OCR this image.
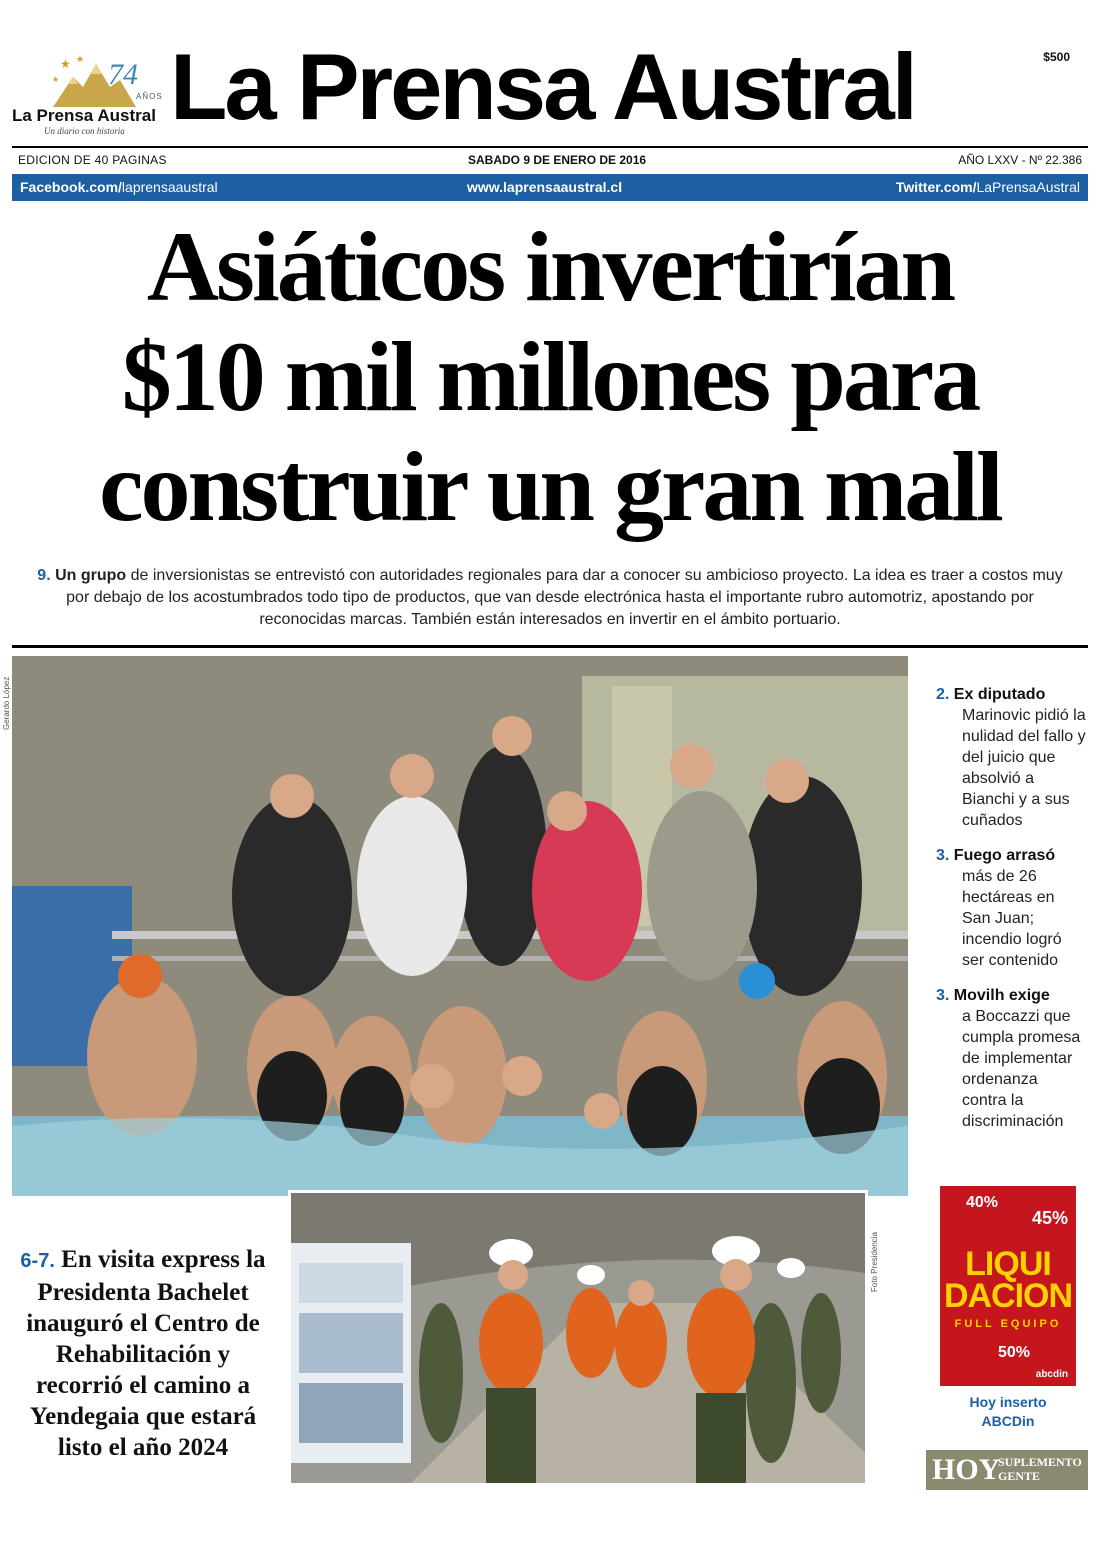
★ ★
★ 74
AÑOS
La Prensa Austral
Un diario con historia La Prensa Austral	$500
EDICION DE 40 PAGINAS	SABADO 9 DE ENERO DE 2016	AÑO LXXV - Nº 22.386
Facebook.com/laprensaaustral	www.laprensaaustral.cl	Twitter.com/LaPrensaAustral
Asiáticos invertirían
$10 mil millones para
construir un gran mall
9. Un grupo de inversionistas se entrevistó con autoridades regionales para dar a conocer su ambicioso proyecto. La idea es traer a costos muy por debajo de los acostumbrados todo tipo de productos, que van desde electrónica hasta el importante rubro automotriz, apostando por reconocidas marcas. También están interesados en invertir en el ámbito portuario.
Gerardo López	2. Ex diputado
Marinovic pidió la nulidad del fallo y del juicio que absolvió a Bianchi y a sus cuñados
3. Fuego arrasó
más de 26 hectáreas en San Juan; incendio logró ser contenido
3. Movilh exige
a Boccazzi que cumpla promesa de implementar ordenanza contra la discriminación
40%
45%
LIQUI
DACION
FULL EQUIPO
50%
abcdin
Hoy inserto
ABCDin
HOY
SUPLEMENTO
GENTE
6-7. En visita express la Presidenta Bachelet inauguró el Centro de Rehabilitación y recorrió el camino a Yendegaia que estará listo el año 2024
Foto Presidencia
